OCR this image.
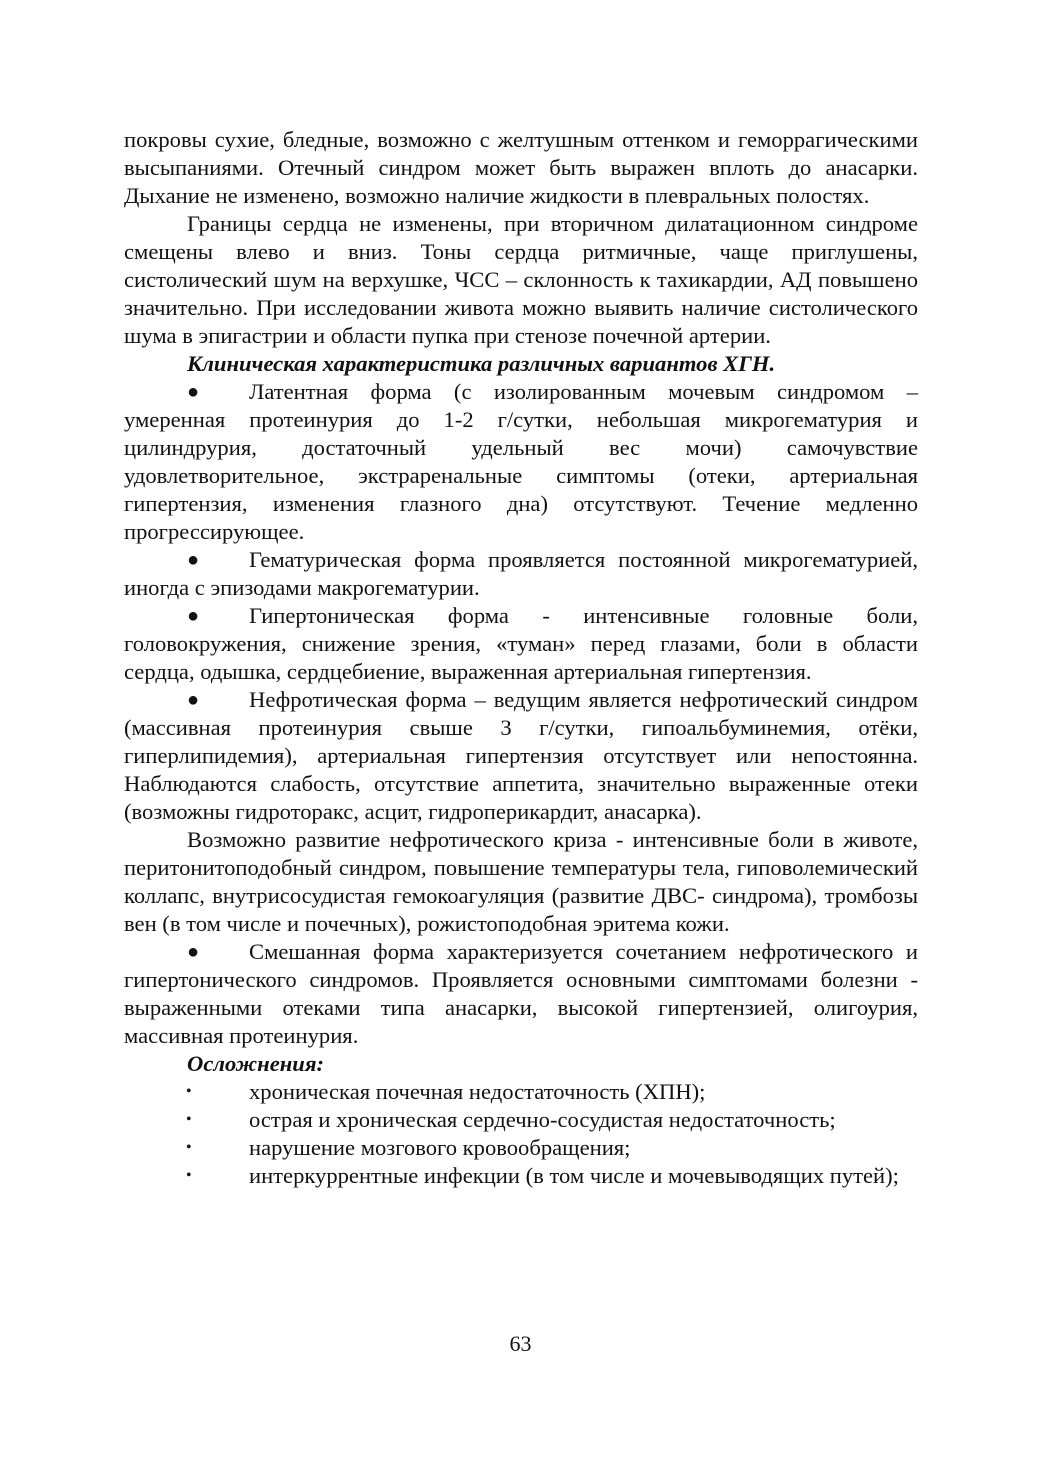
покровы сухие, бледные, возможно с желтушным оттенком и геморрагическими высыпаниями. Отечный синдром может быть выражен вплоть до анасарки. Дыхание не изменено, возможно наличие жидкости в плевральных полостях.

Границы сердца не изменены, при вторичном дилатационном синдроме смещены влево и вниз. Тоны сердца ритмичные, чаще приглушены, систолический шум на верхушке, ЧСС – склонность к тахикардии, АД повышено значительно. При исследовании живота можно выявить наличие систолического шума в эпигастрии и области пупка при стенозе почечной артерии.

Клиническая характеристика различных вариантов ХГН.

● Латентная форма (с изолированным мочевым синдромом – умеренная протеинурия до 1-2 г/сутки, небольшая микрогематурия и цилиндрурия, достаточный удельный вес мочи) самочувствие удовлетворительное, экстраренальные симптомы (отеки, артериальная гипертензия, изменения глазного дна) отсутствуют. Течение медленно прогрессирующее.

● Гематурическая форма проявляется постоянной микрогематурией, иногда с эпизодами макрогематурии.

● Гипертоническая форма - интенсивные головные боли, головокружения, снижение зрения, «туман» перед глазами, боли в области сердца, одышка, сердцебиение, выраженная артериальная гипертензия.

● Нефротическая форма – ведущим является нефротический синдром (массивная протеинурия свыше 3 г/сутки, гипоальбуминемия, отёки, гиперлипидемия), артериальная гипертензия отсутствует или непостоянна. Наблюдаются слабость, отсутствие аппетита, значительно выраженные отеки (возможны гидроторакс, асцит, гидроперикардит, анасарка).

Возможно развитие нефротического криза - интенсивные боли в животе, перитонитоподобный синдром, повышение температуры тела, гиповолемический коллапс, внутрисосудистая гемокоагуляция (развитие ДВС- синдрома), тромбозы вен (в том числе и почечных), рожистоподобная эритема кожи.

● Смешанная форма характеризуется сочетанием нефротического и гипертонического синдромов. Проявляется основными симптомами болезни - выраженными отеками типа анасарки, высокой гипертензией, олигоурия, массивная протеинурия.

Осложнения:

•	хроническая почечная недостаточность (ХПН);
•	острая и хроническая сердечно-сосудистая недостаточность;
•	нарушение мозгового кровообращения;
•	интеркуррентные инфекции (в том числе и мочевыводящих путей);
63
